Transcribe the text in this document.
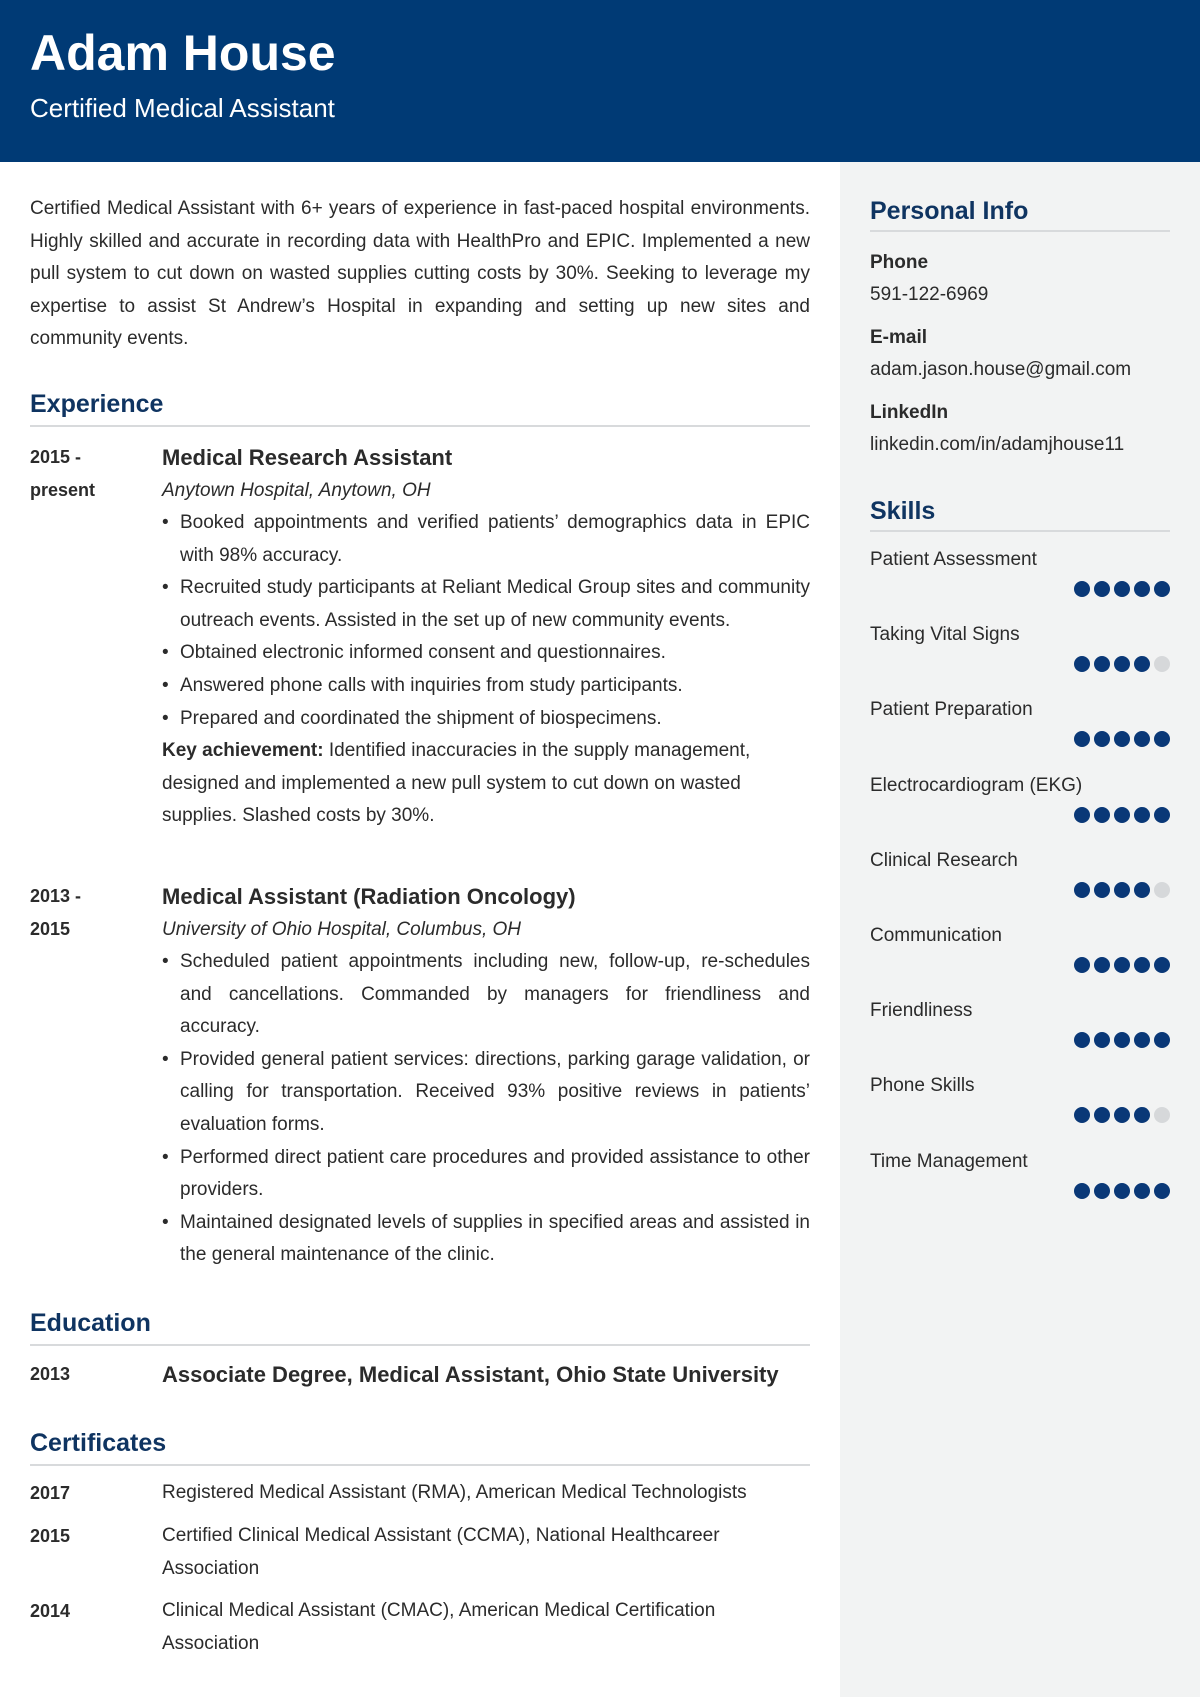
Adam House
Certified Medical Assistant

Certified Medical Assistant with 6+ years of experience in fast-paced hospital environments. Highly skilled and accurate in recording data with HealthPro and EPIC. Implemented a new pull system to cut down on wasted supplies cutting costs by 30%. Seeking to leverage my expertise to assist St Andrew’s Hospital in expanding and setting up new sites and community events.

Experience
2015 -
present
Medical Research Assistant
Anytown Hospital, Anytown, OH
• Booked appointments and verified patients’ demographics data in EPIC with 98% accuracy.
• Recruited study participants at Reliant Medical Group sites and community outreach events. Assisted in the set up of new community events.
• Obtained electronic informed consent and questionnaires.
• Answered phone calls with inquiries from study participants.
• Prepared and coordinated the shipment of biospecimens.
Key achievement: Identified inaccuracies in the supply management, designed and implemented a new pull system to cut down on wasted supplies. Slashed costs by 30%.
2013 -
2015
Medical Assistant (Radiation Oncology)
University of Ohio Hospital, Columbus, OH
• Scheduled patient appointments including new, follow-up, re-schedules and cancellations. Commanded by managers for friendliness and accuracy.
• Provided general patient services: directions, parking garage validation, or calling for transportation. Received 93% positive reviews in patients’ evaluation forms.
• Performed direct patient care procedures and provided assistance to other providers.
• Maintained designated levels of supplies in specified areas and assisted in the general maintenance of the clinic.
Education
2013	Associate Degree, Medical Assistant, Ohio State University
Certificates
2017	Registered Medical Assistant (RMA), American Medical Technologists
2015	Certified Clinical Medical Assistant (CCMA), National Healthcareer Association
2014	Clinical Medical Assistant (CMAC), American Medical Certification Association
Personal Info
Phone
591-122-6969
E-mail
adam.jason.house@gmail.com
LinkedIn
linkedin.com/in/adamjhouse11
Skills
Patient Assessment
Taking Vital Signs
Patient Preparation
Electrocardiogram (EKG)
Clinical Research
Communication
Friendliness
Phone Skills
Time Management
